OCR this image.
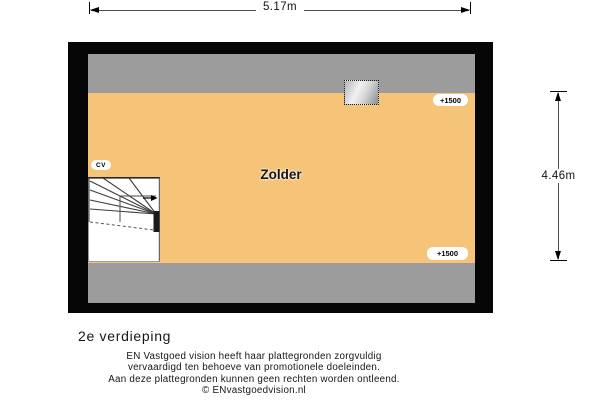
5.17m
4.46m
+1500
+1500
CV
Zolder
2e verdieping
EN Vastgoed vision heeft haar plattegronden zorgvuldig
vervaardigd ten behoeve van promotionele doeleinden.
Aan deze plattegronden kunnen geen rechten worden ontleend.
© ENvastgoedvision.nl
